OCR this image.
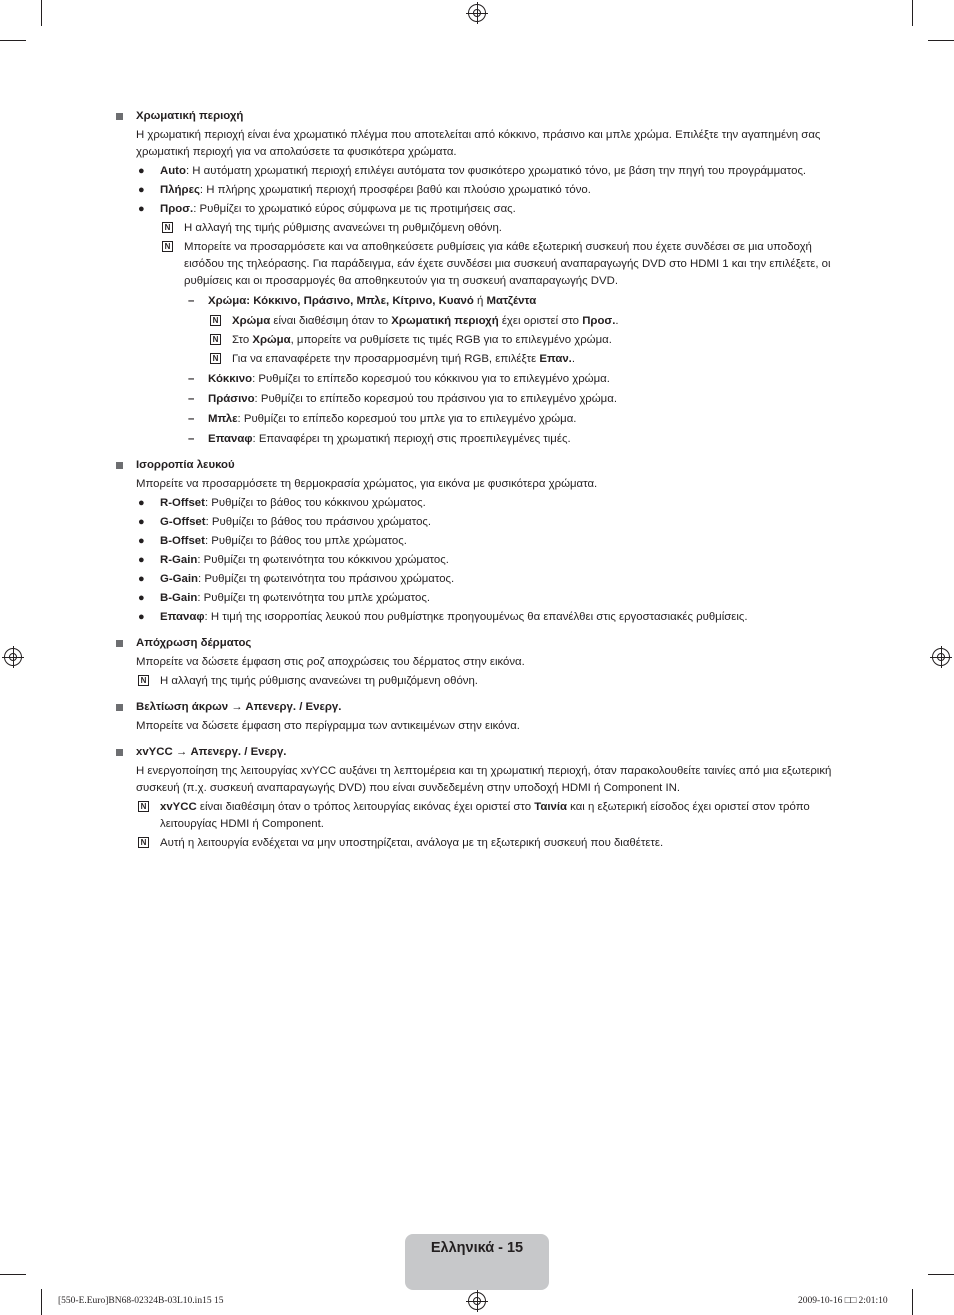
Χρωματική περιοχή
Η χρωματική περιοχή είναι ένα χρωματικό πλέγμα που αποτελείται από κόκκινο, πράσινο και μπλε χρώμα. Επιλέξτε την αγαπημένη σας χρωματική περιοχή για να απολαύσετε τα φυσικότερα χρώματα.
● Auto: Η αυτόματη χρωματική περιοχή επιλέγει αυτόματα τον φυσικότερο χρωματικό τόνο, με βάση την πηγή του προγράμματος.
● Πλήρες: Η πλήρης χρωματική περιοχή προσφέρει βαθύ και πλούσιο χρωματικό τόνο.
● Προσ.: Ρυθμίζει το χρωματικό εύρος σύμφωνα με τις προτιμήσεις σας.
N Η αλλαγή της τιμής ρύθμισης ανανεώνει τη ρυθμιζόμενη οθόνη.
N Μπορείτε να προσαρμόσετε και να αποθηκεύσετε ρυθμίσεις για κάθε εξωτερική συσκευή που έχετε συνδέσει σε μια υποδοχή εισόδου της τηλεόρασης. Για παράδειγμα, εάν έχετε συνδέσει μια συσκευή αναπαραγωγής DVD στο HDMI 1 και την επιλέξετε, οι ρυθμίσεις και οι προσαρμογές θα αποθηκευτούν για τη συσκευή αναπαραγωγής DVD.
– Χρώμα: Κόκκινο, Πράσινο, Μπλε, Κίτρινο, Κυανό ή Ματζέντα
N Χρώμα είναι διαθέσιμη όταν το Χρωματική περιοχή έχει οριστεί στο Προσ..
N Στο Χρώμα, μπορείτε να ρυθμίσετε τις τιμές RGB για το επιλεγμένο χρώμα.
N Για να επαναφέρετε την προσαρμοσμένη τιμή RGB, επιλέξτε Επαν..
– Κόκκινο: Ρυθμίζει το επίπεδο κορεσμού του κόκκινου για το επιλεγμένο χρώμα.
– Πράσινο: Ρυθμίζει το επίπεδο κορεσμού του πράσινου για το επιλεγμένο χρώμα.
– Μπλε: Ρυθμίζει το επίπεδο κορεσμού του μπλε για το επιλεγμένο χρώμα.
– Επαναφ: Επαναφέρει τη χρωματική περιοχή στις προεπιλεγμένες τιμές.
Ισορροπία λευκού
Μπορείτε να προσαρμόσετε τη θερμοκρασία χρώματος, για εικόνα με φυσικότερα χρώματα.
● R-Offset: Ρυθμίζει το βάθος του κόκκινου χρώματος.
● G-Offset: Ρυθμίζει το βάθος του πράσινου χρώματος.
● B-Offset: Ρυθμίζει το βάθος του μπλε χρώματος.
● R-Gain: Ρυθμίζει τη φωτεινότητα του κόκκινου χρώματος.
● G-Gain: Ρυθμίζει τη φωτεινότητα του πράσινου χρώματος.
● B-Gain: Ρυθμίζει τη φωτεινότητα του μπλε χρώματος.
● Επαναφ: Η τιμή της ισορροπίας λευκού που ρυθμίστηκε προηγουμένως θα επανέλθει στις εργοστασιακές ρυθμίσεις.
Απόχρωση δέρματος
Μπορείτε να δώσετε έμφαση στις ροζ αποχρώσεις του δέρματος στην εικόνα.
N Η αλλαγή της τιμής ρύθμισης ανανεώνει τη ρυθμιζόμενη οθόνη.
Βελτίωση άκρων → Απενεργ. / Ενεργ.
Μπορείτε να δώσετε έμφαση στο περίγραμμα των αντικειμένων στην εικόνα.
xvYCC → Απενεργ. / Ενεργ.
Η ενεργοποίηση της λειτουργίας xvYCC αυξάνει τη λεπτομέρεια και τη χρωματική περιοχή, όταν παρακολουθείτε ταινίες από μια εξωτερική συσκευή (π.χ. συσκευή αναπαραγωγής DVD) που είναι συνδεδεμένη στην υποδοχή HDMI ή Component IN.
N xvYCC είναι διαθέσιμη όταν ο τρόπος λειτουργίας εικόνας έχει οριστεί στο Ταινία και η εξωτερική είσοδος έχει οριστεί στον τρόπο λειτουργίας HDMI ή Component.
N Αυτή η λειτουργία ενδέχεται να μην υποστηρίζεται, ανάλογα με τη εξωτερική συσκευή που διαθέτετε.
Ελληνικά - 15
[550-E.Euro]BN68-02324B-03L10.in15 15	2009-10-16 □□ 2:01:10
